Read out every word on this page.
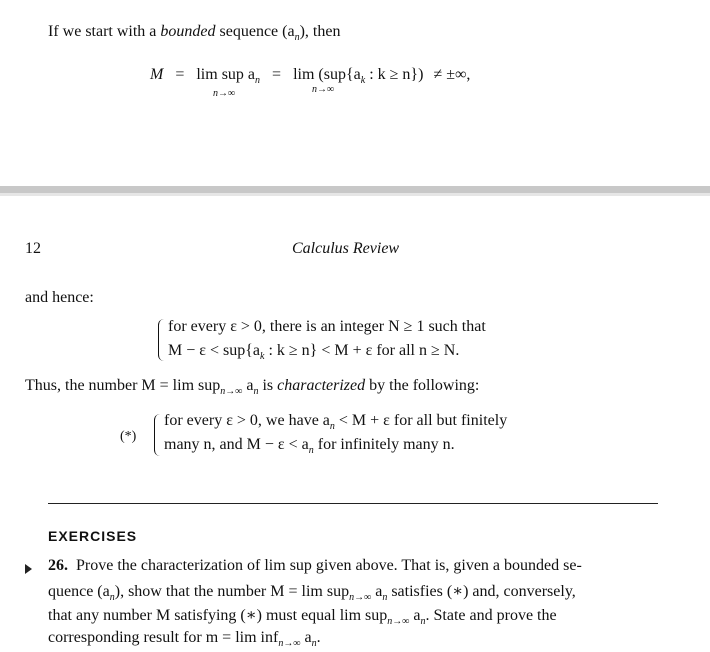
If we start with a bounded sequence $(a_n)$, then
M = lim sup $a_n = \lim (sup\{a_k$ : k ≥ n}) ≠ ±∞,
n→∞	n→∞
12	Calculus Review
and hence:
for every ε > 0, there is an integer N ≥ 1 such that
$M - \varepsilon < sup\{a_k$ : k ≥ n} < M + ε for all n ≥ N.
Thus, the number M = lim sup$_{n\to\infty}$ $a_n$ is characterized by the following:
(*)
for every ε > 0, we have $a_n < M + \varepsilon$ for all but finitely
many n, and $M - \varepsilon < a_n$ for infinitely many n.
EXERCISES
26. Prove the characterization of lim sup given above. That is, given a bounded se-
quence $(a_n)$, show that the number M = lim sup$_{n\to\infty}$ $a_n$ satisfies (∗) and, conversely,
that any number M satisfying (∗) must equal lim sup$_{n\to\infty}$ $a_n$. State and prove the
corresponding result for m = lim inf$_{n\to\infty}$ $a_n$.
